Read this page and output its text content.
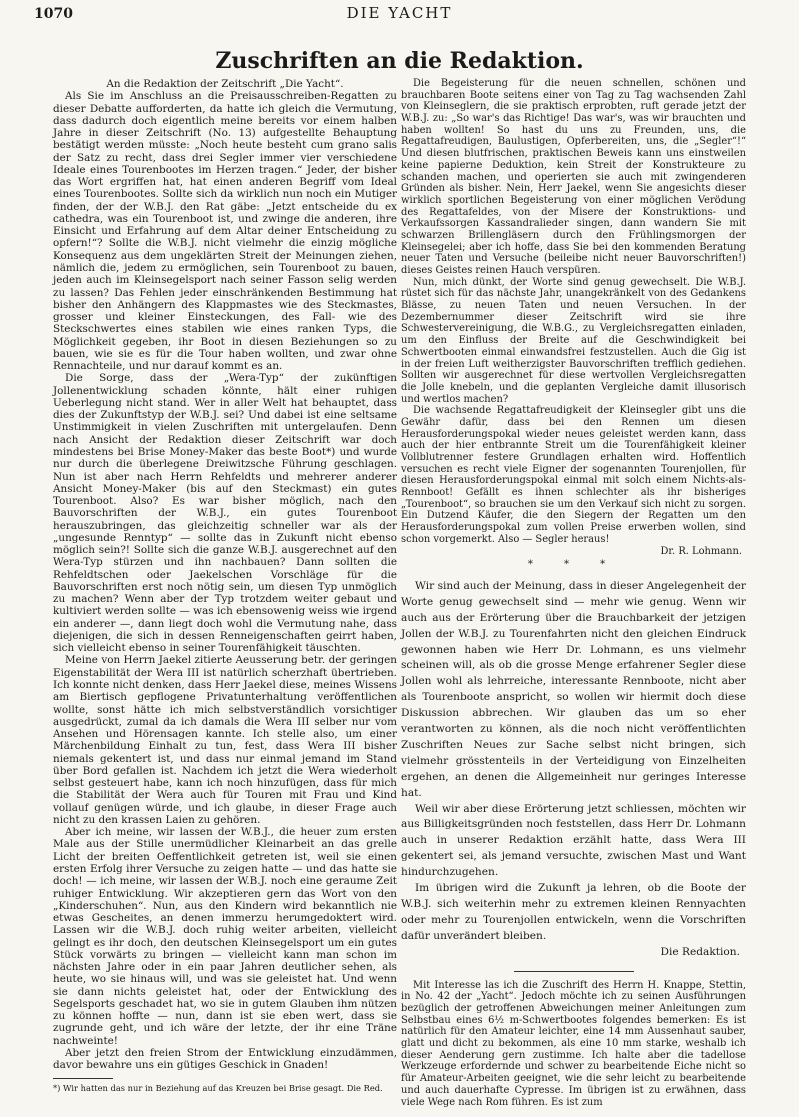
1070	DIE YACHT
Zuschriften an die Redaktion.

An die Redaktion der Zeitschrift „Die Yacht“.

Als Sie im Anschluss an die Preisausschreiben-Regatten zu dieser Debatte aufforderten, da hatte ich gleich die Vermutung, dass dadurch doch eigentlich meine bereits vor einem halben Jahre in dieser Zeitschrift (No. 13) aufgestellte Behauptung bestätigt werden müsste: „Noch heute besteht cum grano salis der Satz zu recht, dass drei Segler immer vier verschiedene Ideale eines Tourenbootes im Herzen tragen.“ Jeder, der bisher das Wort ergriffen hat, hat einen anderen Begriff vom Ideal eines Tourenbootes. Sollte sich da wirklich nun noch ein Mutiger finden, der der W.B.J. den Rat gäbe: „Jetzt entscheide du ex cathedra, was ein Tourenboot ist, und zwinge die anderen, ihre Einsicht und Erfahrung auf dem Altar deiner Entscheidung zu opfern!“? Sollte die W.B.J. nicht vielmehr die einzig mögliche Konsequenz aus dem ungeklärten Streit der Meinungen ziehen, nämlich die, jedem zu ermöglichen, sein Tourenboot zu bauen, jeden auch im Kleinsegelsport nach seiner Fasson selig werden zu lassen? Das Fehlen jeder einschränkenden Bestimmung hat bisher den Anhängern des Klappmastes wie des Steckmastes, grosser und kleiner Einsteckungen, des Fall- wie des Steckschwertes eines stabilen wie eines ranken Typs, die Möglichkeit gegeben, ihr Boot in diesen Beziehungen so zu bauen, wie sie es für die Tour haben wollten, und zwar ohne Rennachteile, und nur darauf kommt es an.

Die Sorge, dass der „Wera-Typ“ der zukünftigen Jollenentwicklung schaden könnte, hält einer ruhigen Ueberlegung nicht stand. Wer in aller Welt hat behauptet, dass dies der Zukunftstyp der W.B.J. sei? Und dabei ist eine seltsame Unstimmigkeit in vielen Zuschriften mit untergelaufen. Denn nach Ansicht der Redaktion dieser Zeitschrift war doch mindestens bei Brise Money-Maker das beste Boot*) und wurde nur durch die überlegene Dreiwitzsche Führung geschlagen. Nun ist aber nach Herrn Rehfeldts und mehrerer anderer Ansicht Money-Maker (bis auf den Steckmast) ein gutes Tourenboot. Also? Es war bisher möglich, nach den Bauvorschriften der W.B.J., ein gutes Tourenboot herauszubringen, das gleichzeitig schneller war als der „ungesunde Renntyp“ — sollte das in Zukunft nicht ebenso möglich sein?! Sollte sich die ganze W.B.J. ausgerechnet auf den Wera-Typ stürzen und ihn nachbauen? Dann sollten die Rehfeldtschen oder Jaekelschen Vorschläge für die Bauvorschriften erst noch nötig sein, um diesen Typ unmöglich zu machen? Wenn aber der Typ trotzdem weiter gebaut und kultiviert werden sollte — was ich ebensowenig weiss wie irgend ein anderer —, dann liegt doch wohl die Vermutung nahe, dass diejenigen, die sich in dessen Renneigenschaften geirrt haben, sich vielleicht ebenso in seiner Tourenfähigkeit täuschten.

Meine von Herrn Jaekel zitierte Aeusserung betr. der geringen Eigenstabilität der Wera III ist natürlich scherzhaft übertrieben. Ich konnte nicht denken, dass Herr Jaekel diese, meines Wissens am Biertisch gepflogene Privatunterhaltung veröffentlichen wollte, sonst hätte ich mich selbstverständlich vorsichtiger ausgedrückt, zumal da ich damals die Wera III selber nur vom Ansehen und Hörensagen kannte. Ich stelle also, um einer Märchenbildung Einhalt zu tun, fest, dass Wera III bisher niemals gekentert ist, und dass nur einmal jemand im Stand über Bord gefallen ist. Nachdem ich jetzt die Wera wiederholt selbst gesteuert habe, kann ich noch hinzufügen, dass für mich die Stabilität der Wera auch für Touren mit Frau und Kind vollauf genügen würde, und ich glaube, in dieser Frage auch nicht zu den krassen Laien zu gehören.

Aber ich meine, wir lassen der W.B.J., die heuer zum ersten Male aus der Stille unermüdlicher Kleinarbeit an das grelle Licht der breiten Oeffentlichkeit getreten ist, weil sie einen ersten Erfolg ihrer Versuche zu zeigen hatte — und das hatte sie doch! — ich meine, wir lassen der W.B.J. noch eine geraume Zeit ruhiger Entwicklung. Wir akzeptieren gern das Wort von den „Kinderschuhen“. Nun, aus den Kindern wird bekanntlich nie etwas Gescheites, an denen immerzu herumgedoktert wird. Lassen wir die W.B.J. doch ruhig weiter arbeiten, vielleicht gelingt es ihr doch, den deutschen Kleinsegelsport um ein gutes Stück vorwärts zu bringen — vielleicht kann man schon im nächsten Jahre oder in ein paar Jahren deutlicher sehen, als heute, wo sie hinaus will, und was sie geleistet hat. Und wenn sie dann nichts geleistet hat, oder der Entwicklung des Segelsports geschadet hat, wo sie in gutem Glauben ihm nützen zu können hoffte — nun, dann ist sie eben wert, dass sie zugrunde geht, und ich wäre der letzte, der ihr eine Träne nachweinte!

Aber jetzt den freien Strom der Entwicklung einzudämmen, davor bewahre uns ein gütiges Geschick in Gnaden!

*) Wir hatten das nur in Beziehung auf das Kreuzen bei Brise gesagt. Die Red.

Die Begeisterung für die neuen schnellen, schönen und brauchbaren Boote seitens einer von Tag zu Tag wachsenden Zahl von Kleinseglern, die sie praktisch erprobten, ruft gerade jetzt der W.B.J. zu: „So war's das Richtige! Das war's, was wir brauchten und haben wollten! So hast du uns zu Freunden, uns, die Regattafreudigen, Baulustigen, Opferbereiten, uns, die „Segler“!“ Und diesen blutfrischen, praktischen Beweis kann uns einstweilen keine papierne Deduktion, kein Streit der Konstrukteure zu schanden machen, und operierten sie auch mit zwingenderen Gründen als bisher. Nein, Herr Jaekel, wenn Sie angesichts dieser wirklich sportlichen Begeisterung von einer möglichen Verödung des Regattafeldes, von der Misere der Konstruktions- und Verkaufssorgen Kassandralieder singen, dann wandern Sie mit schwarzen Brillengläsern durch den Frühlingsmorgen der Kleinsegelei; aber ich hoffe, dass Sie bei den kommenden Beratung neuer Taten und Versuche (beileibe nicht neuer Bauvorschriften!) dieses Geistes reinen Hauch verspüren.

Nun, mich dünkt, der Worte sind genug gewechselt. Die W.B.J. rüstet sich für das nächste Jahr, unangekränkelt von des Gedankens Blässe, zu neuen Taten und neuen Versuchen. In der Dezembernummer dieser Zeitschrift wird sie ihre Schwestervereinigung, die W.B.G., zu Vergleichsregatten einladen, um den Einfluss der Breite auf die Geschwindigkeit bei Schwertbooten einmal einwandsfrei festzustellen. Auch die Gig ist in der freien Luft weitherzigster Bauvorschriften trefflich gediehen. Sollten wir ausgerechnet für diese wertvollen Vergleichsregatten die Jolle knebeln, und die geplanten Vergleiche damit illusorisch und wertlos machen?

Die wachsende Regattafreudigkeit der Kleinsegler gibt uns die Gewähr dafür, dass bei den Rennen um diesen Herausforderungspokal wieder neues geleistet werden kann, dass auch der hier entbrannte Streit um die Tourenfähigkeit kleiner Vollblutrenner festere Grundlagen erhalten wird. Hoffentlich versuchen es recht viele Eigner der sogenannten Tourenjollen, für diesen Herausforderungspokal einmal mit solch einem Nichts-als-Rennboot! Gefällt es ihnen schlechter als ihr bisheriges „Tourenboot“, so brauchen sie um den Verkauf sich nicht zu sorgen. Ein Dutzend Käufer, die den Siegern der Regatten um den Herausforderungspokal zum vollen Preise erwerben wollen, sind schon vorgemerkt. Also — Segler heraus!

Dr. R. Lohmann.
* * *

Wir sind auch der Meinung, dass in dieser Angelegenheit der Worte genug gewechselt sind — mehr wie genug. Wenn wir auch aus der Erörterung über die Brauchbarkeit der jetzigen Jollen der W.B.J. zu Tourenfahrten nicht den gleichen Eindruck gewonnen haben wie Herr Dr. Lohmann, es uns vielmehr scheinen will, als ob die grosse Menge erfahrener Segler diese Jollen wohl als lehrreiche, interessante Rennboote, nicht aber als Tourenboote anspricht, so wollen wir hiermit doch diese Diskussion abbrechen. Wir glauben das um so eher verantworten zu können, als die noch nicht veröffentlichten Zuschriften Neues zur Sache selbst nicht bringen, sich vielmehr grösstenteils in der Verteidigung von Einzelheiten ergehen, an denen die Allgemeinheit nur geringes Interesse hat.

Weil wir aber diese Erörterung jetzt schliessen, möchten wir aus Billigkeitsgründen noch feststellen, dass Herr Dr. Lohmann auch in unserer Redaktion erzählt hatte, dass Wera III gekentert sei, als jemand versuchte, zwischen Mast und Want hindurchzugehen.

Im übrigen wird die Zukunft ja lehren, ob die Boote der W.B.J. sich weiterhin mehr zu extremen kleinen Rennyachten oder mehr zu Tourenjollen entwickeln, wenn die Vorschriften dafür unverändert bleiben.

Die Redaktion.

Mit Interesse las ich die Zuschrift des Herrn H. Knappe, Stettin, in No. 42 der „Yacht“. Jedoch möchte ich zu seinen Ausführungen bezüglich der getroffenen Abweichungen meiner Anleitungen zum Selbstbau eines 6½ m-Schwertbootes folgendes bemerken: Es ist natürlich für den Amateur leichter, eine 14 mm Aussenhaut sauber, glatt und dicht zu bekommen, als eine 10 mm starke, weshalb ich dieser Aenderung gern zustimme. Ich halte aber die tadellose Werkzeuge erfordernde und schwer zu bearbeitende Eiche nicht so für Amateur-Arbeiten geeignet, wie die sehr leicht zu bearbeitende und auch dauerhafte Cypresse. Im übrigen ist zu erwähnen, dass viele Wege nach Rom führen. Es ist zum
